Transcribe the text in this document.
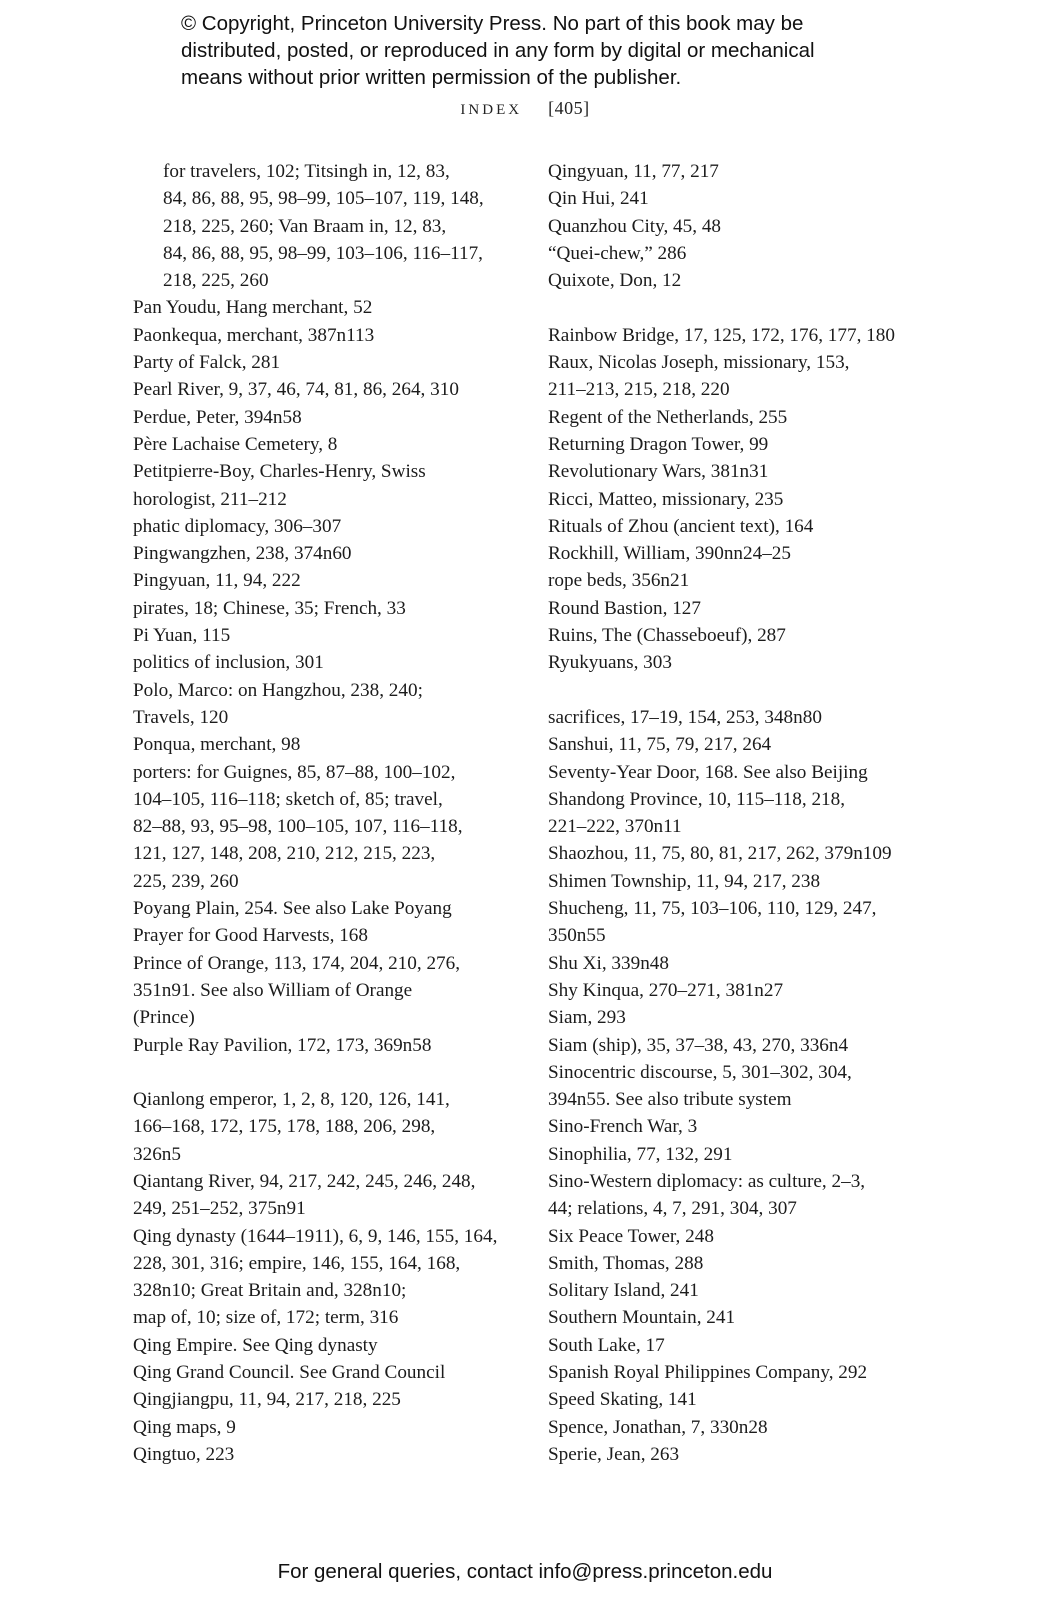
© Copyright, Princeton University Press. No part of this book may be
distributed, posted, or reproduced in any form by digital or mechanical
means without prior written permission of the publisher.
INDEX [405]
for travelers, 102; Titsingh in, 12, 83,
84, 86, 88, 95, 98–99, 105–107, 119, 148,
218, 225, 260; Van Braam in, 12, 83,
84, 86, 88, 95, 98–99, 103–106, 116–117,
218, 225, 260
Pan Youdu, Hang merchant, 52
Paonkequa, merchant, 387n113
Party of Falck, 281
Pearl River, 9, 37, 46, 74, 81, 86, 264, 310
Perdue, Peter, 394n58
Père Lachaise Cemetery, 8
Petitpierre-Boy, Charles-Henry, Swiss
horologist, 211–212
phatic diplomacy, 306–307
Pingwangzhen, 238, 374n60
Pingyuan, 11, 94, 222
pirates, 18; Chinese, 35; French, 33
Pi Yuan, 115
politics of inclusion, 301
Polo, Marco: on Hangzhou, 238, 240;
Travels, 120
Ponqua, merchant, 98
porters: for Guignes, 85, 87–88, 100–102,
104–105, 116–118; sketch of, 85; travel,
82–88, 93, 95–98, 100–105, 107, 116–118,
121, 127, 148, 208, 210, 212, 215, 223,
225, 239, 260
Poyang Plain, 254. See also Lake Poyang
Prayer for Good Harvests, 168
Prince of Orange, 113, 174, 204, 210, 276,
351n91. See also William of Orange
(Prince)
Purple Ray Pavilion, 172, 173, 369n58
Qianlong emperor, 1, 2, 8, 120, 126, 141,
166–168, 172, 175, 178, 188, 206, 298,
326n5
Qiantang River, 94, 217, 242, 245, 246, 248,
249, 251–252, 375n91
Qing dynasty (1644–1911), 6, 9, 146, 155, 164,
228, 301, 316; empire, 146, 155, 164, 168,
328n10; Great Britain and, 328n10;
map of, 10; size of, 172; term, 316
Qing Empire. See Qing dynasty
Qing Grand Council. See Grand Council
Qingjiangpu, 11, 94, 217, 218, 225
Qing maps, 9
Qingtuo, 223
Qingyuan, 11, 77, 217
Qin Hui, 241
Quanzhou City, 45, 48
“Quei-chew,” 286
Quixote, Don, 12
Rainbow Bridge, 17, 125, 172, 176, 177, 180
Raux, Nicolas Joseph, missionary, 153,
211–213, 215, 218, 220
Regent of the Netherlands, 255
Returning Dragon Tower, 99
Revolutionary Wars, 381n31
Ricci, Matteo, missionary, 235
Rituals of Zhou (ancient text), 164
Rockhill, William, 390nn24–25
rope beds, 356n21
Round Bastion, 127
Ruins, The (Chasseboeuf), 287
Ryukyuans, 303
sacrifices, 17–19, 154, 253, 348n80
Sanshui, 11, 75, 79, 217, 264
Seventy-Year Door, 168. See also Beijing
Shandong Province, 10, 115–118, 218,
221–222, 370n11
Shaozhou, 11, 75, 80, 81, 217, 262, 379n109
Shimen Township, 11, 94, 217, 238
Shucheng, 11, 75, 103–106, 110, 129, 247,
350n55
Shu Xi, 339n48
Shy Kinqua, 270–271, 381n27
Siam, 293
Siam (ship), 35, 37–38, 43, 270, 336n4
Sinocentric discourse, 5, 301–302, 304,
394n55. See also tribute system
Sino-French War, 3
Sinophilia, 77, 132, 291
Sino-Western diplomacy: as culture, 2–3,
44; relations, 4, 7, 291, 304, 307
Six Peace Tower, 248
Smith, Thomas, 288
Solitary Island, 241
Southern Mountain, 241
South Lake, 17
Spanish Royal Philippines Company, 292
Speed Skating, 141
Spence, Jonathan, 7, 330n28
Sperie, Jean, 263
For general queries, contact info@press.princeton.edu
